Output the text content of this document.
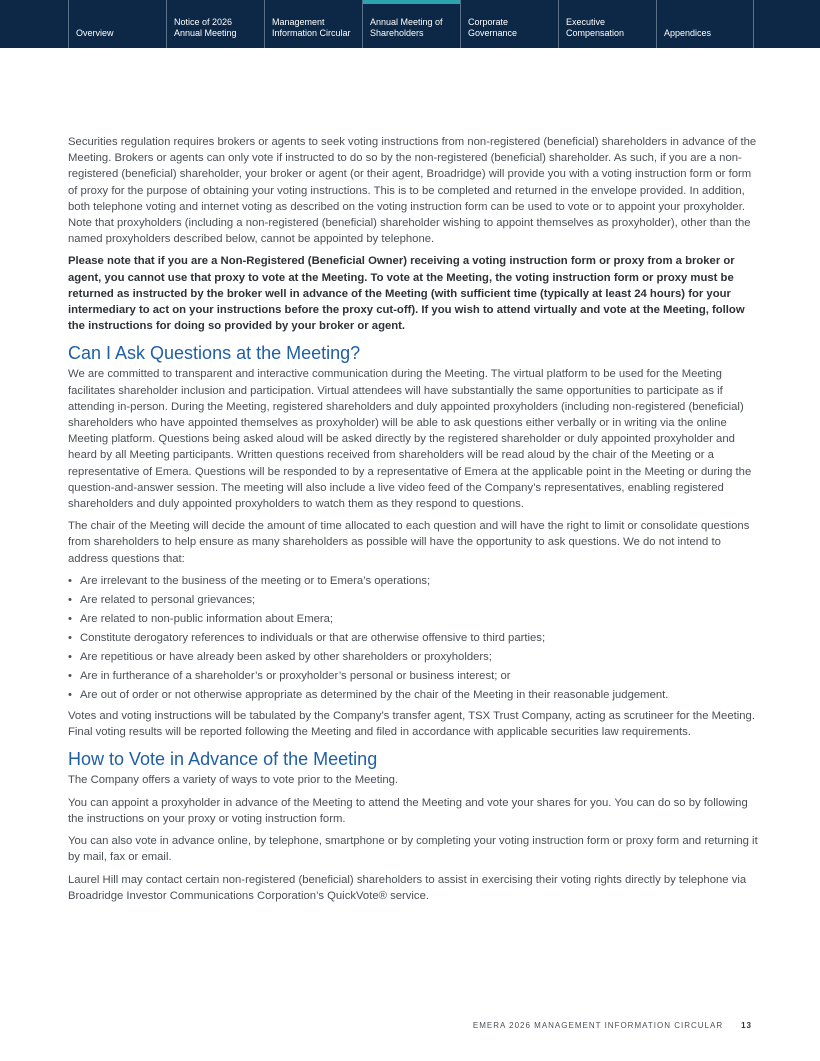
Overview
Notice of 2026
Annual Meeting
Management
Information Circular
Annual Meeting of
Shareholders
Corporate
Governance
Executive
Compensation	Appendices

Securities regulation requires brokers or agents to seek voting instructions from non-registered (beneficial) shareholders in advance of the Meeting. Brokers or agents can only vote if instructed to do so by the non-registered (beneficial) shareholder. As such, if you are a non-registered (beneficial) shareholder, your broker or agent (or their agent, Broadridge) will provide you with a voting instruction form or form of proxy for the purpose of obtaining your voting instructions. This is to be completed and returned in the envelope provided. In addition, both telephone voting and internet voting as described on the voting instruction form can be used to vote or to appoint your proxyholder. Note that proxyholders (including a non-registered (beneficial) shareholder wishing to appoint themselves as proxyholder), other than the named proxyholders described below, cannot be appointed by telephone.

Please note that if you are a Non-Registered (Beneficial Owner) receiving a voting instruction form or proxy from a broker or agent, you cannot use that proxy to vote at the Meeting. To vote at the Meeting, the voting instruction form or proxy must be returned as instructed by the broker well in advance of the Meeting (with sufficient time (typically at least 24 hours) for your intermediary to act on your instructions before the proxy cut-off). If you wish to attend virtually and vote at the Meeting, follow the instructions for doing so provided by your broker or agent.

Can I Ask Questions at the Meeting?

We are committed to transparent and interactive communication during the Meeting. The virtual platform to be used for the Meeting facilitates shareholder inclusion and participation. Virtual attendees will have substantially the same opportunities to participate as if attending in-person. During the Meeting, registered shareholders and duly appointed proxyholders (including non-registered (beneficial) shareholders who have appointed themselves as proxyholder) will be able to ask questions either verbally or in writing via the online Meeting platform. Questions being asked aloud will be asked directly by the registered shareholder or duly appointed proxyholder and heard by all Meeting participants. Written questions received from shareholders will be read aloud by the chair of the Meeting or a representative of Emera. Questions will be responded to by a representative of Emera at the applicable point in the Meeting or during the question-and-answer session. The meeting will also include a live video feed of the Company’s representatives, enabling registered shareholders and duly appointed proxyholders to watch them as they respond to questions.

The chair of the Meeting will decide the amount of time allocated to each question and will have the right to limit or consolidate questions from shareholders to help ensure as many shareholders as possible will have the opportunity to ask questions. We do not intend to address questions that:

• Are irrelevant to the business of the meeting or to Emera’s operations;
• Are related to personal grievances;
• Are related to non-public information about Emera;
• Constitute derogatory references to individuals or that are otherwise offensive to third parties;
• Are repetitious or have already been asked by other shareholders or proxyholders;
• Are in furtherance of a shareholder’s or proxyholder’s personal or business interest; or
• Are out of order or not otherwise appropriate as determined by the chair of the Meeting in their reasonable judgement.

Votes and voting instructions will be tabulated by the Company’s transfer agent, TSX Trust Company, acting as scrutineer for the Meeting. Final voting results will be reported following the Meeting and filed in accordance with applicable securities law requirements.

How to Vote in Advance of the Meeting

The Company offers a variety of ways to vote prior to the Meeting.

You can appoint a proxyholder in advance of the Meeting to attend the Meeting and vote your shares for you. You can do so by following the instructions on your proxy or voting instruction form.

You can also vote in advance online, by telephone, smartphone or by completing your voting instruction form or proxy form and returning it by mail, fax or email.

Laurel Hill may contact certain non-registered (beneficial) shareholders to assist in exercising their voting rights directly by telephone via Broadridge Investor Communications Corporation’s QuickVote® service.

EMERA 2026 MANAGEMENT INFORMATION CIRCULAR 13
